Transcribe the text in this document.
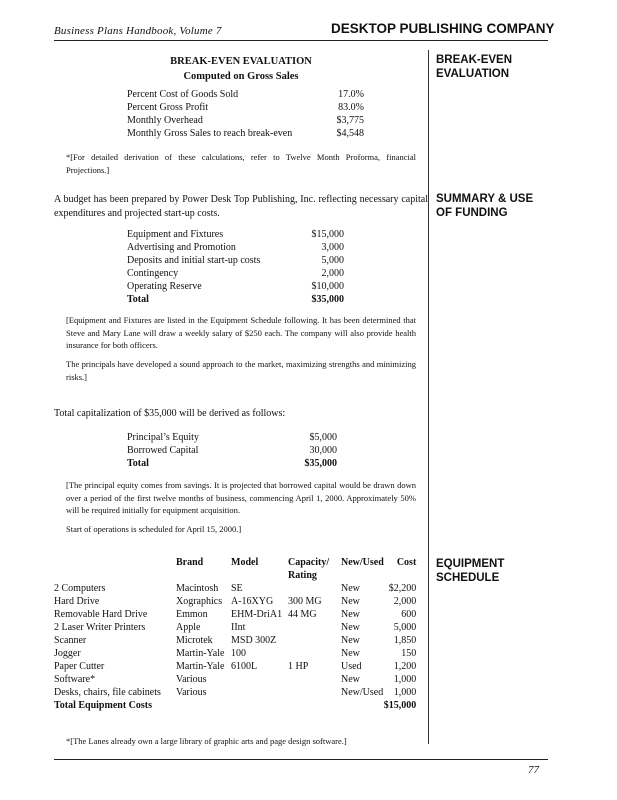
Business Plans Handbook, Volume 7	DESKTOP PUBLISHING COMPANY
BREAK-EVEN
EVALUATION
SUMMARY & USE
OF FUNDING
EQUIPMENT
SCHEDULE
BREAK-EVEN EVALUATION
Computed on Gross Sales
Percent Cost of Goods Sold	17.0%
Percent Gross Profit	83.0%
Monthly Overhead	$3,775
Monthly Gross Sales to reach break-even	$4,548
*[For detailed derivation of these calculations, refer to Twelve Month Proforma, financial Projections.]
A budget has been prepared by Power Desk Top Publishing, Inc. reflecting necessary capital expenditures and projected start-up costs.
Equipment and Fixtures	$15,000
Advertising and Promotion	3,000
Deposits and initial start-up costs	5,000
Contingency	2,000
Operating Reserve	$10,000
Total	$35,000
[Equipment and Fixtures are listed in the Equipment Schedule following. It has been determined that Steve and Mary Lane will draw a weekly salary of $250 each. The company will also provide health insurance for both officers.
The principals have developed a sound approach to the market, maximizing strengths and minimizing risks.]
Total capitalization of $35,000 will be derived as follows:
Principal’s Equity	$5,000
Borrowed Capital	30,000
Total	$35,000
[The principal equity comes from savings. It is projected that borrowed capital would be drawn down over a period of the first twelve months of business, commencing April 1, 2000. Approximately 50% will be required initially for equipment acquisition.
Start of operations is scheduled for April 15, 2000.]
	Brand	Model	Capacity/	New/Used	Cost
			Rating		
2 Computers	Macintosh	SE		New	$2,200
Hard Drive	Xographics	A-16XYG	300 MG	New	2,000
Removable Hard Drive	Emmon	EHM-DriA1	44 MG	New	600
2 Laser Writer Printers	Apple	IInt		New	5,000
Scanner	Microtek	MSD 300Z		New	1,850
Jogger	Martin-Yale	100		New	150
Paper Cutter	Martin-Yale	6100L	1 HP	Used	1,200
Software*	Various			New	1,000
Desks, chairs, file cabinets	Various			New/Used	1,000
Total Equipment Costs					$15,000
*[The Lanes already own a large library of graphic arts and page design software.]
77
